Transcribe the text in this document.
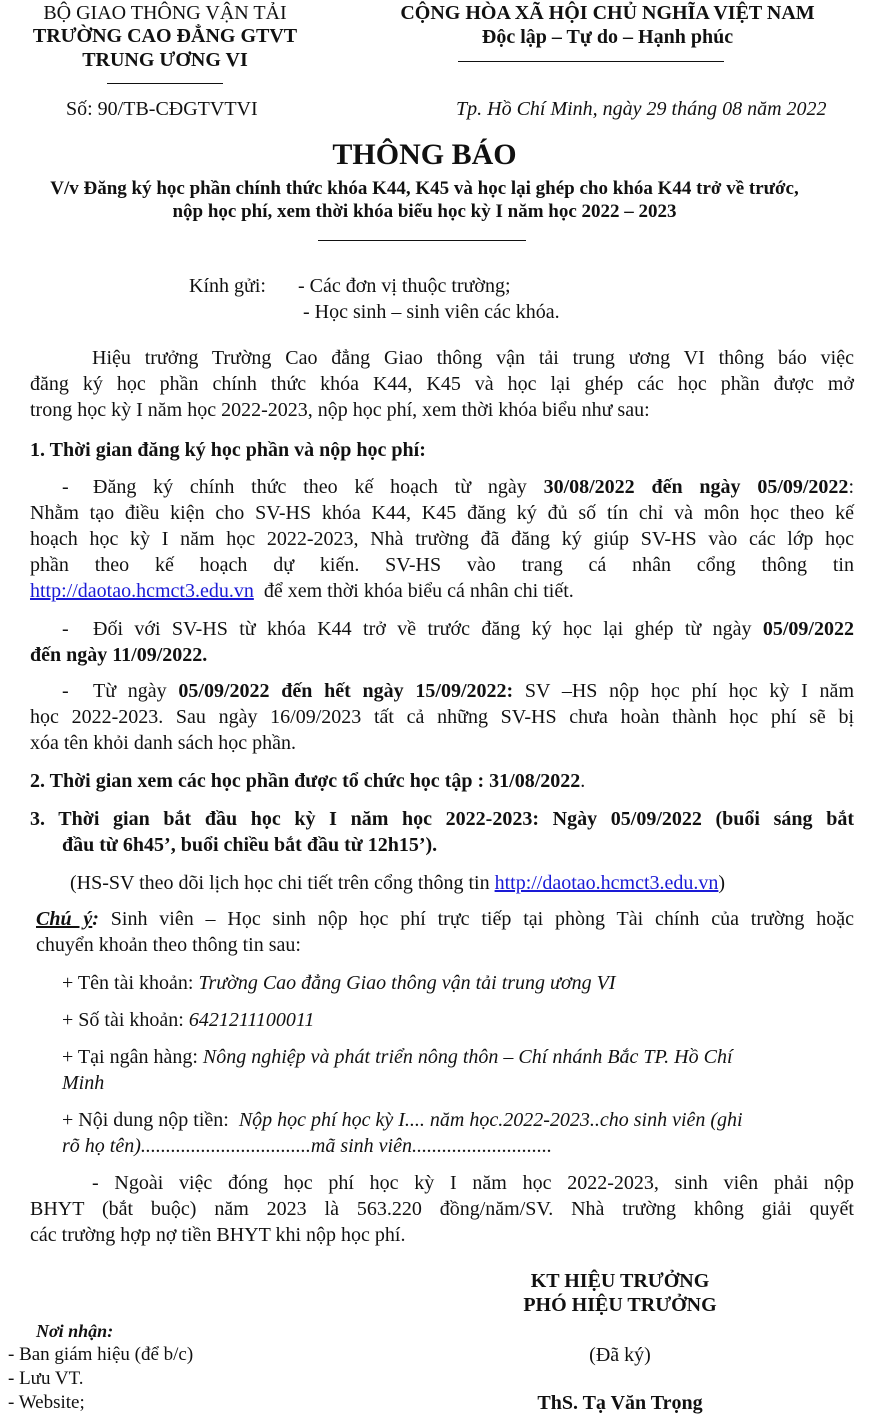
BỘ GIAO THÔNG VẬN TẢI
TRƯỜNG CAO ĐẲNG GTVT
TRUNG ƯƠNG VI
CỘNG HÒA XÃ HỘI CHỦ NGHĨA VIỆT NAM
Độc lập – Tự do – Hạnh phúc
Số: 90/TB-CĐGTVTVI	Tp. Hồ Chí Minh, ngày 29 tháng 08 năm 2022
THÔNG BÁO
V/v Đăng ký học phần chính thức khóa K44, K45 và học lại ghép cho khóa K44 trở về trước,
nộp học phí, xem thời khóa biểu học kỳ I năm học 2022 – 2023
Kính gửi: - Các đơn vị thuộc trường;
- Học sinh – sinh viên các khóa.
Hiệu trưởng Trường Cao đẳng Giao thông vận tải trung ương VI thông báo việc
đăng ký học phần chính thức khóa K44, K45 và học lại ghép các học phần được mở
trong học kỳ I năm học 2022-2023, nộp học phí, xem thời khóa biểu như sau:
1. Thời gian đăng ký học phần và nộp học phí:
- Đăng ký chính thức theo kế hoạch từ ngày 30/08/2022 đến ngày 05/09/2022:
Nhằm tạo điều kiện cho SV-HS khóa K44, K45 đăng ký đủ số tín chỉ và môn học theo kế
hoạch học kỳ I năm học 2022-2023, Nhà trường đã đăng ký giúp SV-HS vào các lớp học
phần theo kế hoạch dự kiến. SV-HS vào trang cá nhân cổng thông tin
http://daotao.hcmct3.edu.vn  để xem thời khóa biểu cá nhân chi tiết.
- Đối với SV-HS từ khóa K44 trở về trước đăng ký học lại ghép từ ngày 05/09/2022
đến ngày 11/09/2022.
- Từ ngày 05/09/2022 đến hết ngày 15/09/2022: SV –HS nộp học phí học kỳ I năm
học 2022-2023. Sau ngày 16/09/2023 tất cả những SV-HS chưa hoàn thành học phí sẽ bị
xóa tên khỏi danh sách học phần.
2. Thời gian xem các học phần được tổ chức học tập : 31/08/2022.
3. Thời gian bắt đầu học kỳ I năm học 2022-2023: Ngày 05/09/2022 (buổi sáng bắt
đầu từ 6h45’, buổi chiều bắt đầu từ 12h15’).
(HS-SV theo dõi lịch học chi tiết trên cổng thông tin http://daotao.hcmct3.edu.vn)
Chú ý: Sinh viên – Học sinh nộp học phí trực tiếp tại phòng Tài chính của trường hoặc
chuyển khoản theo thông tin sau:
+ Tên tài khoản: Trường Cao đẳng Giao thông vận tải trung ương VI
+ Số tài khoản: 6421211100011
+ Tại ngân hàng: Nông nghiệp và phát triển nông thôn – Chí nhánh Bắc TP. Hồ Chí
Minh
+ Nội dung nộp tiền:  Nộp học phí học kỳ I.... năm học.2022-2023..cho sinh viên (ghi
rõ họ tên)..................................mã sinh viên............................
- Ngoài việc đóng học phí học kỳ I năm học 2022-2023, sinh viên phải nộp
BHYT (bắt buộc) năm 2023 là 563.220 đồng/năm/SV. Nhà trường không giải quyết
các trường hợp nợ tiền BHYT khi nộp học phí.
KT HIỆU TRƯỞNG
PHÓ HIỆU TRƯỞNG
(Đã ký)
ThS. Tạ Văn Trọng
Nơi nhận:
- Ban giám hiệu (để b/c)
- Lưu VT.
- Website;
